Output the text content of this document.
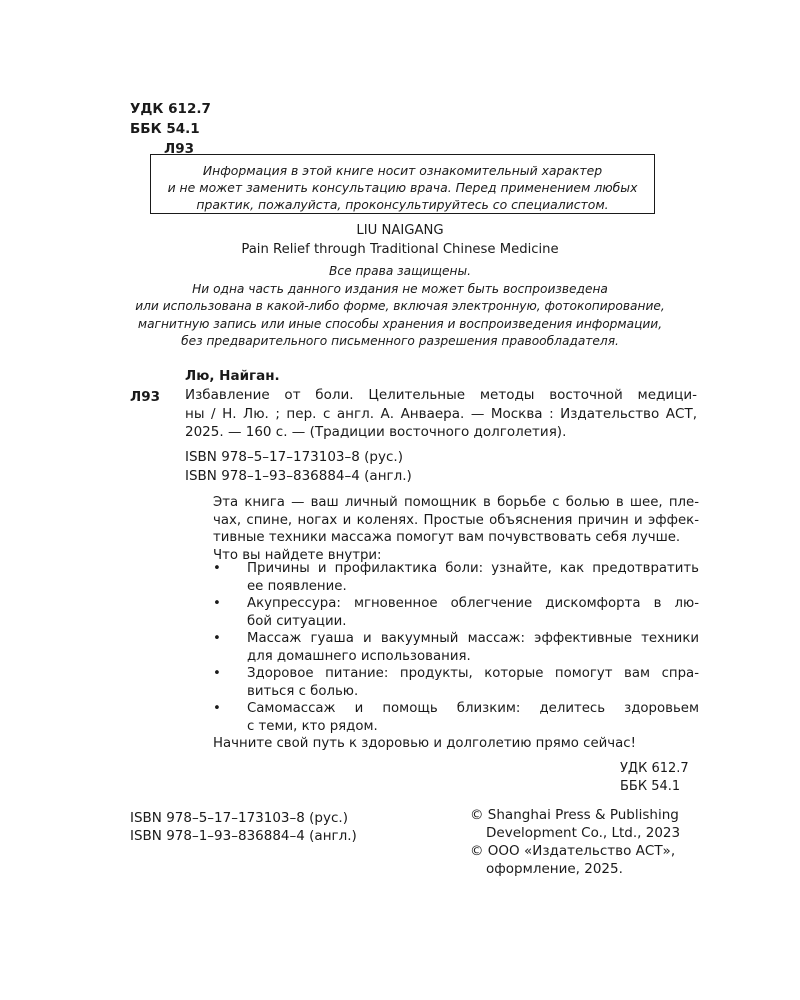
УДК 612.7
ББК 54.1
Л93
Информация в этой книге носит ознакомительный характер
и не может заменить консультацию врача. Перед применением любых
практик, пожалуйста, проконсультируйтесь со специалистом.
LIU NAIGANG
Pain Relief through Traditional Chinese Medicine
Все права защищены.
Ни одна часть данного издания не может быть воспроизведена
или использована в какой-либо форме, включая электронную, фотокопирование,
магнитную запись или иные способы хранения и воспроизведения информации,
без предварительного письменного разрешения правообладателя.
Лю, Найган.
Л93 Избавление от боли. Целительные методы восточной медици-
ны / Н. Лю. ; пер. с англ. А. Анваера. — Москва : Издательство АСТ,
2025. — 160 с. — (Традиции восточного долголетия).
ISBN 978–5–17–173103–8 (рус.)
ISBN 978–1–93–836884–4 (англ.)
Эта книга — ваш личный помощник в борьбе с болью в шее, пле-
чах, спине, ногах и коленях. Простые объяснения причин и эффек-
тивные техники массажа помогут вам почувствовать себя лучше.
Что вы найдете внутри:
• Причины и профилактика боли: узнайте, как предотвратить
ее появление.
• Акупрессура: мгновенное облегчение дискомфорта в лю-
бой ситуации.
• Массаж гуаша и вакуумный массаж: эффективные техники
для домашнего использования.
• Здоровое питание: продукты, которые помогут вам спра-
виться с болью.
• Самомассаж и помощь близким: делитесь здоровьем
с теми, кто рядом.
Начните свой путь к здоровью и долголетию прямо сейчас!
УДК 612.7
ББК 54.1
ISBN 978–5–17–173103–8 (рус.)
ISBN 978–1–93–836884–4 (англ.)
© Shanghai Press & Publishing
Development Co., Ltd., 2023
© ООО «Издательство АСТ»,
оформление, 2025.
